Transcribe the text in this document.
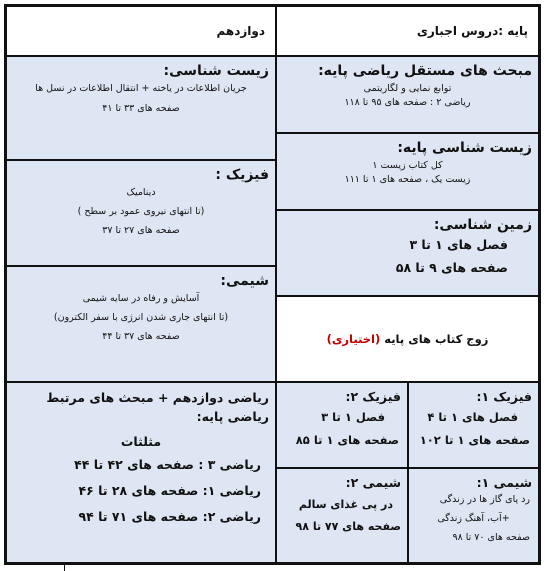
پایه :دروس اجباری
دوازدهم
مبحث های مستقل ریاضی پایه:
توابع نمایی و لگاریتمی
ریاضی ۲ : صفحه های ۹۵ تا ۱۱۸
زیست شناسی پایه:
کل کتاب زیست ۱
زیست یک ، صفحه های ۱ تا ۱۱۱
زمین شناسی:
فصل های ۱ تا ۳
صفحه های ۹ تا ۵۸
زوج کتاب های پایه (اختیاری)
زیست شناسی:
جریان اطلاعات در یاخته + انتقال اطلاعات در نسل ها
صفحه های ۳۳ تا ۴۱
فیزیک :
دینامیک
(تا انتهای نیروی عمود بر سطح )
صفحه های ۲۷ تا ۳۷
شیمی:
آسایش و رفاه در سایه شیمی
(تا انتهای جاری شدن انرژی با سفر الکترون)
صفحه های ۳۷ تا ۴۴
ریاضی دوازدهم + مبحث های مرتبط
ریاضی پایه:
مثلثات
ریاضی ۳ : صفحه های ۴۲ تا ۴۴
ریاضی ۱: صفحه های ۲۸ تا ۴۶
ریاضی ۲: صفحه های ۷۱ تا ۹۴
فیزیک ۲:
فصل ۱ تا ۳
صفحه های ۱ تا ۸۵
فیزیک ۱:
فصل های ۱ تا ۴
صفحه های ۱ تا ۱۰۲
شیمی ۲:
در پی غذای سالم
صفحه های ۷۷ تا ۹۸
شیمی ۱:
رد پای گاز ها در زندگی
+آب، آهنگ زندگی
صفحه های ۷۰ تا ۹۸
